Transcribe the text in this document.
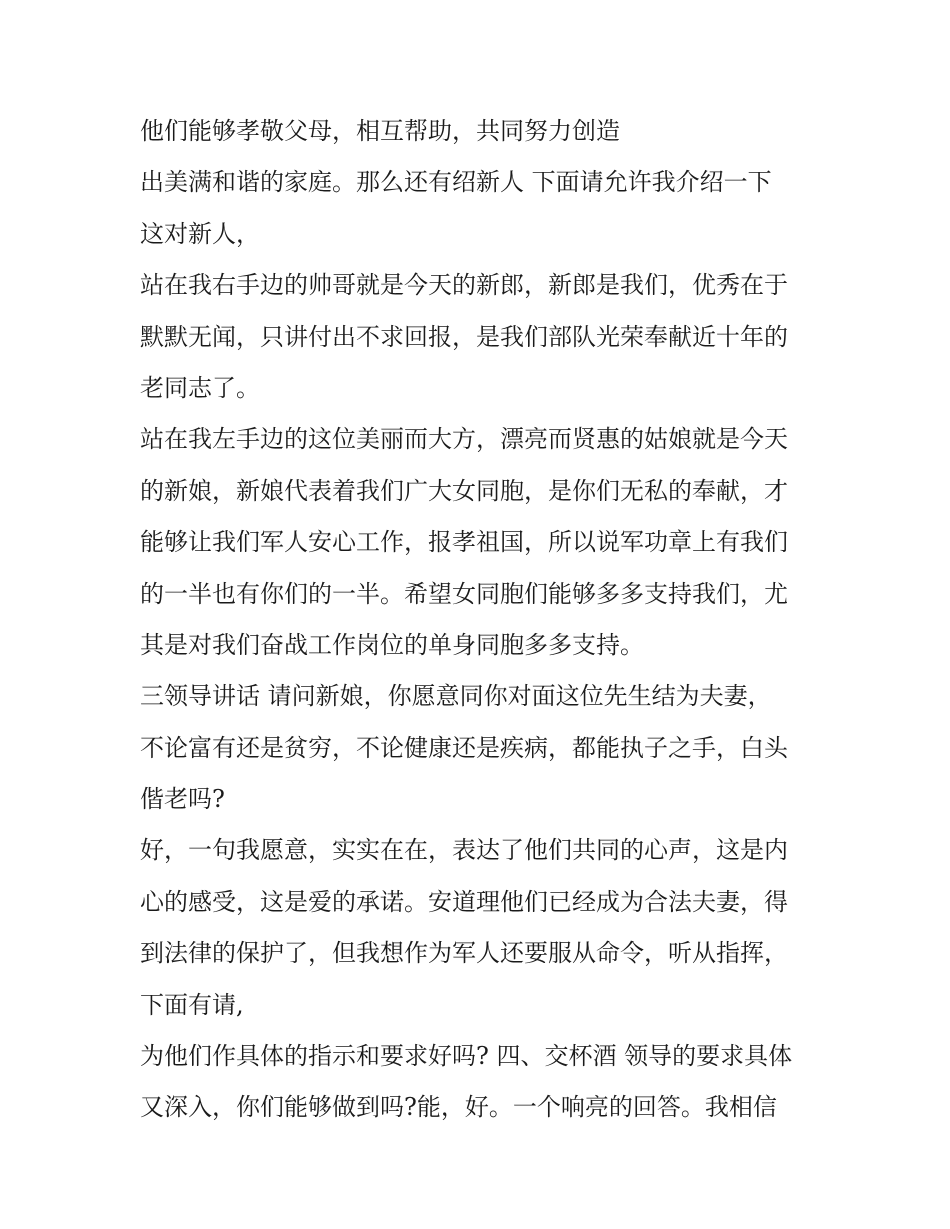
他们能够孝敬父母，相互帮助，共同努力创造

出美满和谐的家庭。那么还有绍新人 下面请允许我介绍一下

这对新人，

站在我右手边的帅哥就是今天的新郎，新郎是我们，优秀在于

默默无闻，只讲付出不求回报，是我们部队光荣奉献近十年的

老同志了。

站在我左手边的这位美丽而大方，漂亮而贤惠的姑娘就是今天

的新娘，新娘代表着我们广大女同胞，是你们无私的奉献，才

能够让我们军人安心工作，报孝祖国，所以说军功章上有我们

的一半也有你们的一半。希望女同胞们能够多多支持我们，尤

其是对我们奋战工作岗位的单身同胞多多支持。

三领导讲话 请问新娘，你愿意同你对面这位先生结为夫妻，

不论富有还是贫穷，不论健康还是疾病，都能执子之手，白头

偕老吗?

好，一句我愿意，实实在在，表达了他们共同的心声，这是内

心的感受，这是爱的承诺。安道理他们已经成为合法夫妻，得

到法律的保护了，但我想作为军人还要服从命令，听从指挥，

下面有请,

为他们作具体的指示和要求好吗? 四、交杯酒 领导的要求具体

又深入，你们能够做到吗?能，好。一个响亮的回答。我相信
